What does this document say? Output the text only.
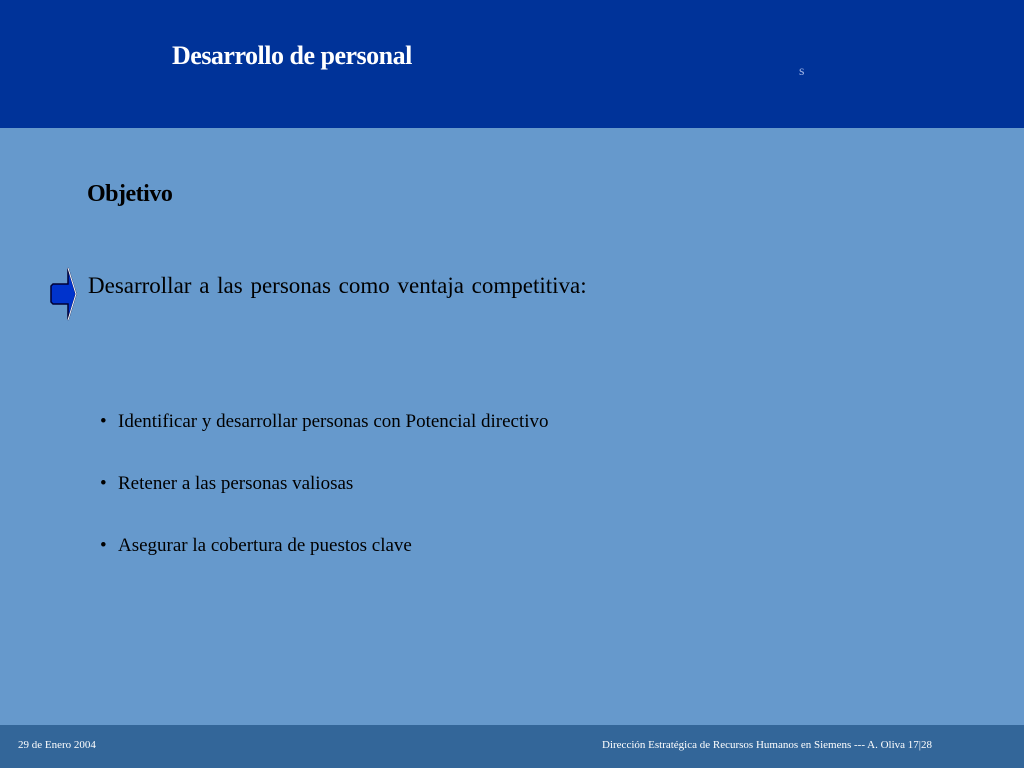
Desarrollo de personal
s
Objetivo
Desarrollar a las personas como ventaja competitiva:
• Identificar y desarrollar personas con Potencial directivo
• Retener a las personas valiosas
• Asegurar la cobertura de puestos clave
29 de Enero 2004	Dirección Estratégica de Recursos Humanos en Siemens --- A. Oliva 17|28
